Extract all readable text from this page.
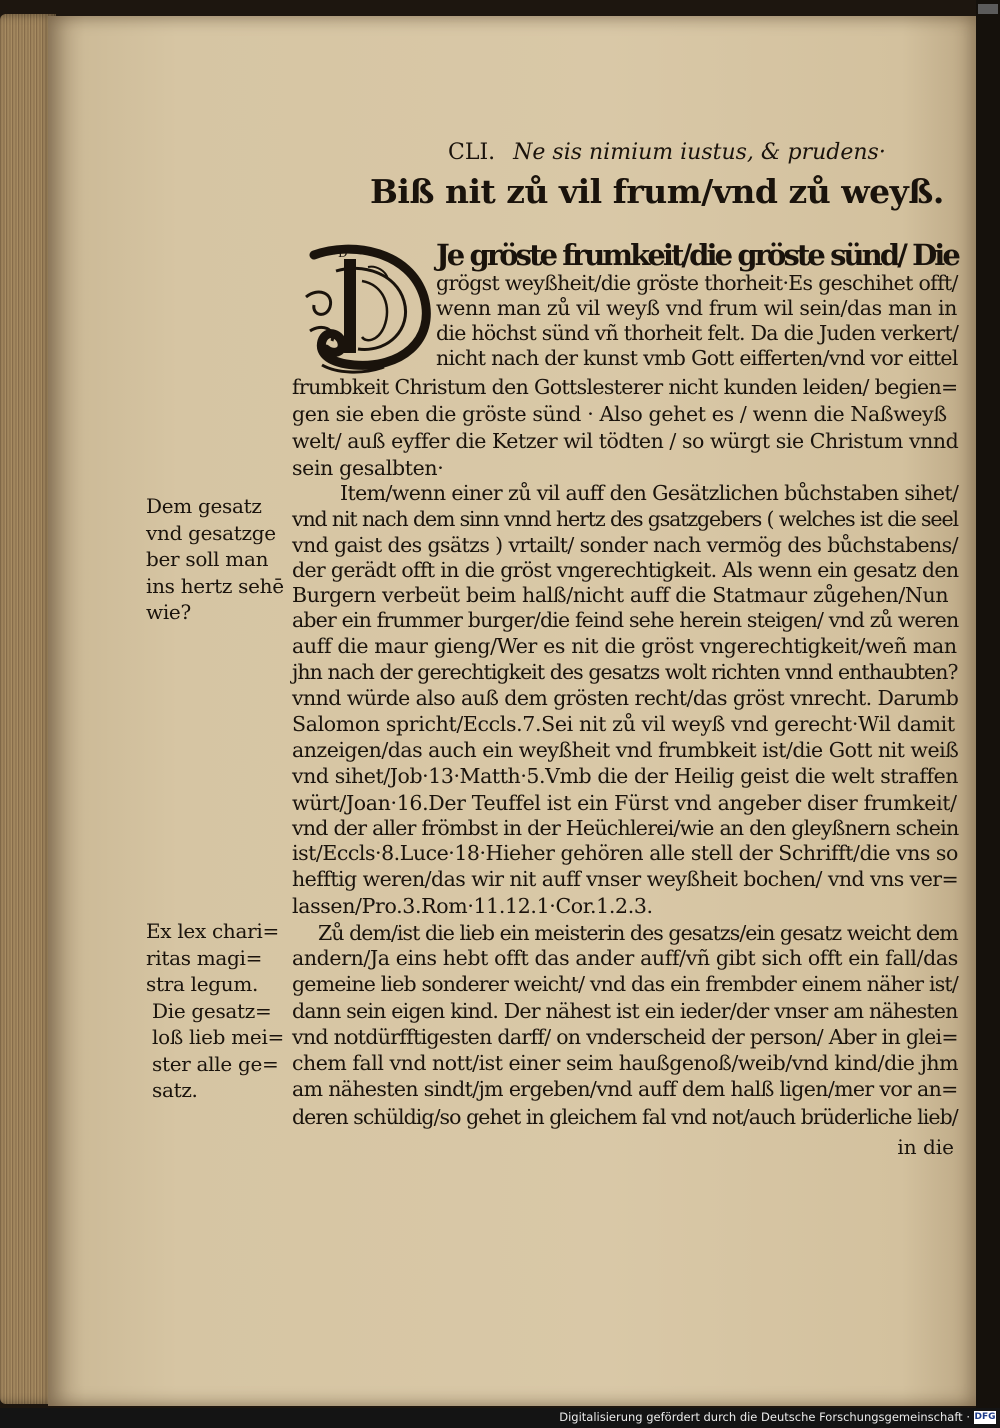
CLI. Ne sis nimium iustus, & prudens·
Biß nit zů vil frum/vnd zů weyß.
D	Je gröste frumkeit/die gröste sünd/ Die
grögst weyßheit/die gröste thorheit·Es geschihet offt/
wenn man zů vil weyß vnd frum wil sein/das man in
die höchst sünd vñ thorheit felt. Da die Juden verkert/
nicht nach der kunst vmb Gott eifferten/vnd vor eittel
frumbkeit Christum den Gottslesterer nicht kunden leiden/ begien=
gen sie eben die gröste sünd · Also gehet es / wenn die Naßweyß
welt/ auß eyffer die Ketzer wil tödten / so würgt sie Christum vnnd
sein gesalbten·
Item/wenn einer zů vil auff den Gesätzlichen bůchstaben sihet/
vnd nit nach dem sinn vnnd hertz des gsatzgebers ( welches ist die seel
vnd gaist des gsätzs ) vrtailt/ sonder nach vermög des bůchstabens/
der gerädt offt in die gröst vngerechtigkeit. Als wenn ein gesatz den
Burgern verbeüt beim halß/nicht auff die Statmaur zůgehen/Nun
aber ein frummer burger/die feind sehe herein steigen/ vnd zů weren
auff die maur gieng/Wer es nit die gröst vngerechtigkeit/weñ man
jhn nach der gerechtigkeit des gesatzs wolt richten vnnd enthaubten?
vnnd würde also auß dem grösten recht/das gröst vnrecht. Darumb
Salomon spricht/Eccls.7.Sei nit zů vil weyß vnd gerecht·Wil damit
anzeigen/das auch ein weyßheit vnd frumbkeit ist/die Gott nit weiß
vnd sihet/Job·13·Matth·5.Vmb die der Heilig geist die welt straffen
würt/Joan·16.Der Teuffel ist ein Fürst vnd angeber diser frumkeit/
vnd der aller frömbst in der Heüchlerei/wie an den gleyßnern schein
ist/Eccls·8.Luce·18·Hieher gehören alle stell der Schrifft/die vns so
hefftig weren/das wir nit auff vnser weyßheit bochen/ vnd vns ver=
lassen/Pro.3.Rom·11.12.1·Cor.1.2.3.
Zů dem/ist die lieb ein meisterin des gesatzs/ein gesatz weicht dem
andern/Ja eins hebt offt das ander auff/vñ gibt sich offt ein fall/das
gemeine lieb sonderer weicht/ vnd das ein frembder einem näher ist/
dann sein eigen kind. Der nähest ist ein ieder/der vnser am nähesten
vnd notdürfftigesten darff/ on vnderscheid der person/ Aber in glei=
chem fall vnd nott/ist einer seim haußgenoß/weib/vnd kind/die jhm
am nähesten sindt/jm ergeben/vnd auff dem halß ligen/mer vor an=
deren schüldig/so gehet in gleichem fal vnd not/auch brüderliche lieb/
Dem gesatz
vnd gesatzge
ber soll man
ins hertz sehē
wie?
Ex lex chari=
ritas magi=
stra legum.
Die gesatz=
loß lieb mei=
ster alle ge=
satz.
in die
Digitalisierung gefördert durch die Deutsche Forschungsgemeinschaft · DFG
